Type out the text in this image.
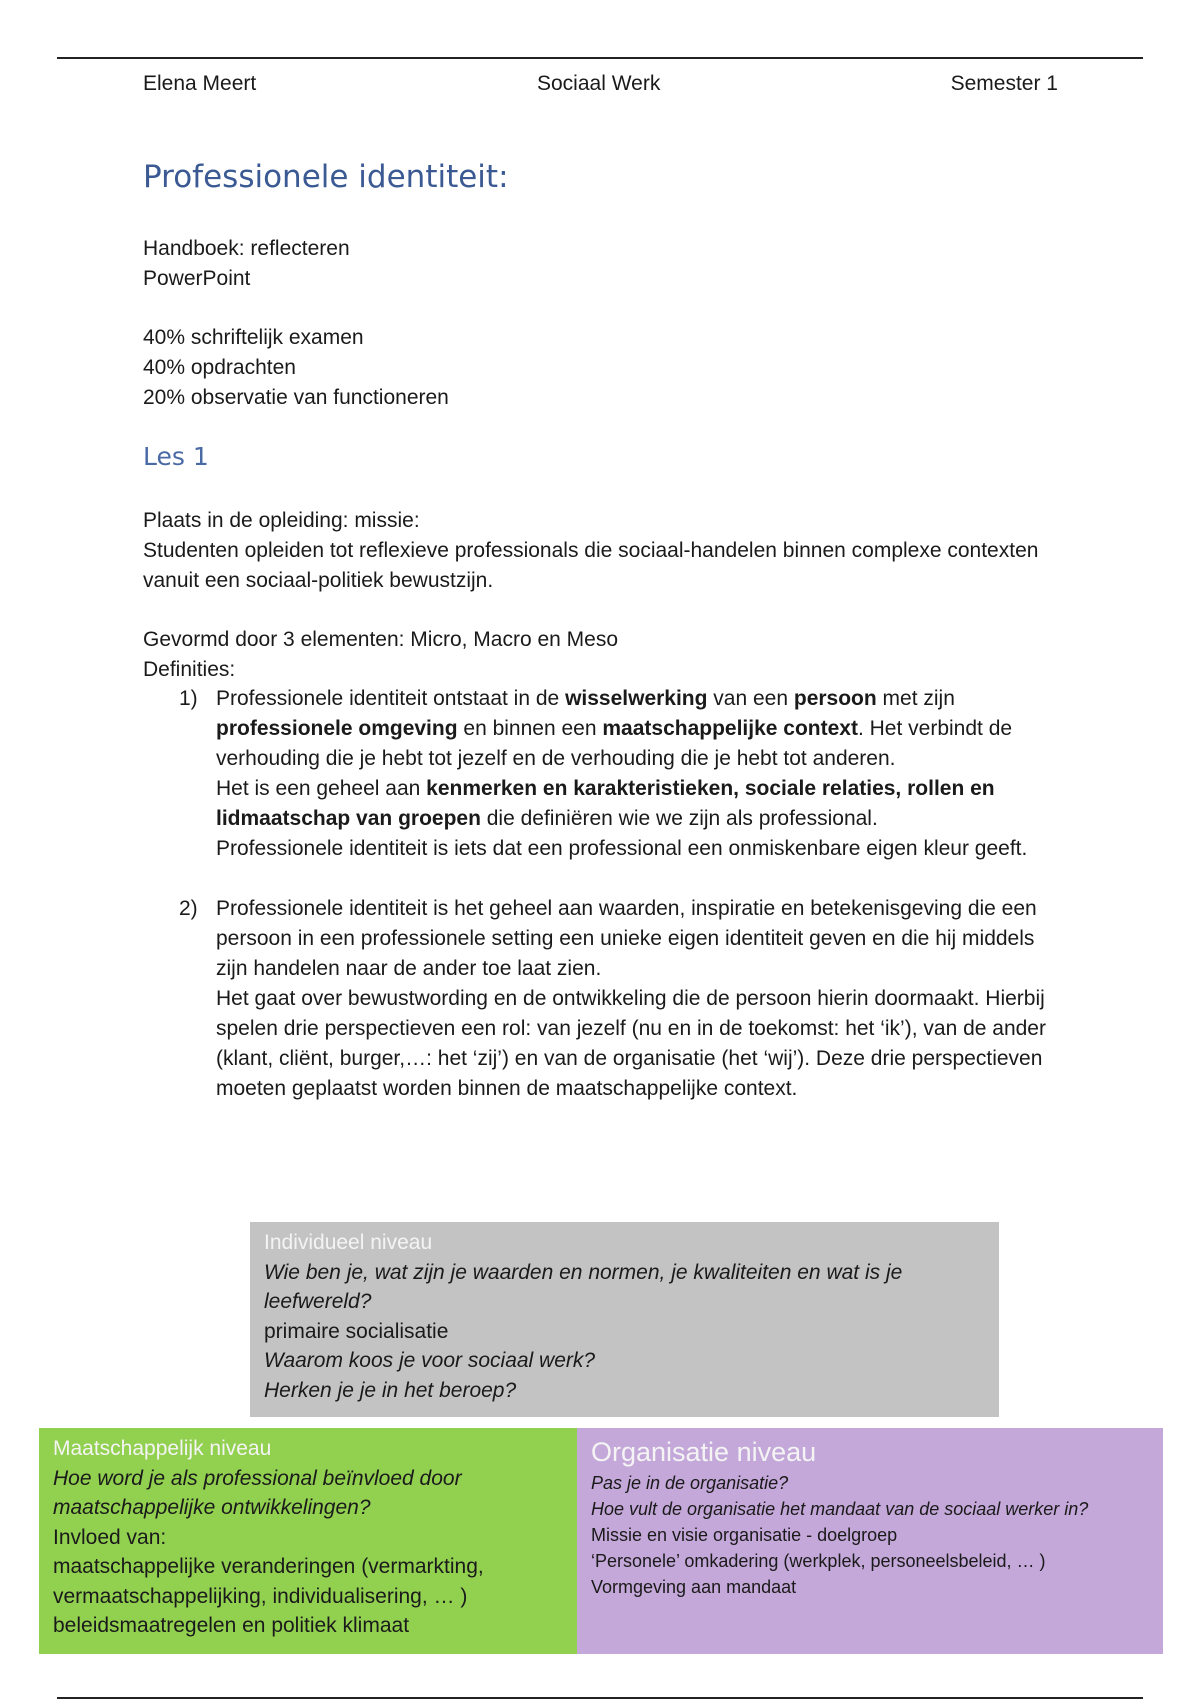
Elena Meert	Sociaal Werk	Semester 1
Professionele identiteit:

Handboek: reflecteren

PowerPoint

40% schriftelijk examen

40% opdrachten

20% observatie van functioneren

Les 1

Plaats in de opleiding: missie:

Studenten opleiden tot reflexieve professionals die sociaal-handelen binnen complexe contexten vanuit een sociaal-politiek bewustzijn.

Gevormd door 3 elementen: Micro, Macro en Meso

Definities:

1) Professionele identiteit ontstaat in de wisselwerking van een persoon met zijn professionele omgeving en binnen een maatschappelijke context. Het verbindt de verhouding die je hebt tot jezelf en de verhouding die je hebt tot anderen.

Het is een geheel aan kenmerken en karakteristieken, sociale relaties, rollen en lidmaatschap van groepen die definiëren wie we zijn als professional.

Professionele identiteit is iets dat een professional een onmiskenbare eigen kleur geeft.

2) Professionele identiteit is het geheel aan waarden, inspiratie en betekenisgeving die een persoon in een professionele setting een unieke eigen identiteit geven en die hij middels zijn handelen naar de ander toe laat zien.

Het gaat over bewustwording en de ontwikkeling die de persoon hierin doormaakt. Hierbij spelen drie perspectieven een rol: van jezelf (nu en in de toekomst: het ‘ik’), van de ander (klant, cliënt, burger,…: het ‘zij’) en van de organisatie (het ‘wij’). Deze drie perspectieven moeten geplaatst worden binnen de maatschappelijke context.

Individueel niveau

Wie ben je, wat zijn je waarden en normen, je kwaliteiten en wat is je leefwereld?

primaire socialisatie

Waarom koos je voor sociaal werk?

Herken je je in het beroep?

Maatschappelijk niveau

Hoe word je als professional beïnvloed door maatschappelijke ontwikkelingen?

Invloed van:

maatschappelijke veranderingen (vermarkting, vermaatschappelijking, individualisering, … )

beleidsmaatregelen en politiek klimaat

Organisatie niveau

Pas je in de organisatie?

Hoe vult de organisatie het mandaat van de sociaal werker in?

Missie en visie organisatie - doelgroep

‘Personele’ omkadering (werkplek, personeelsbeleid, … )

Vormgeving aan mandaat
